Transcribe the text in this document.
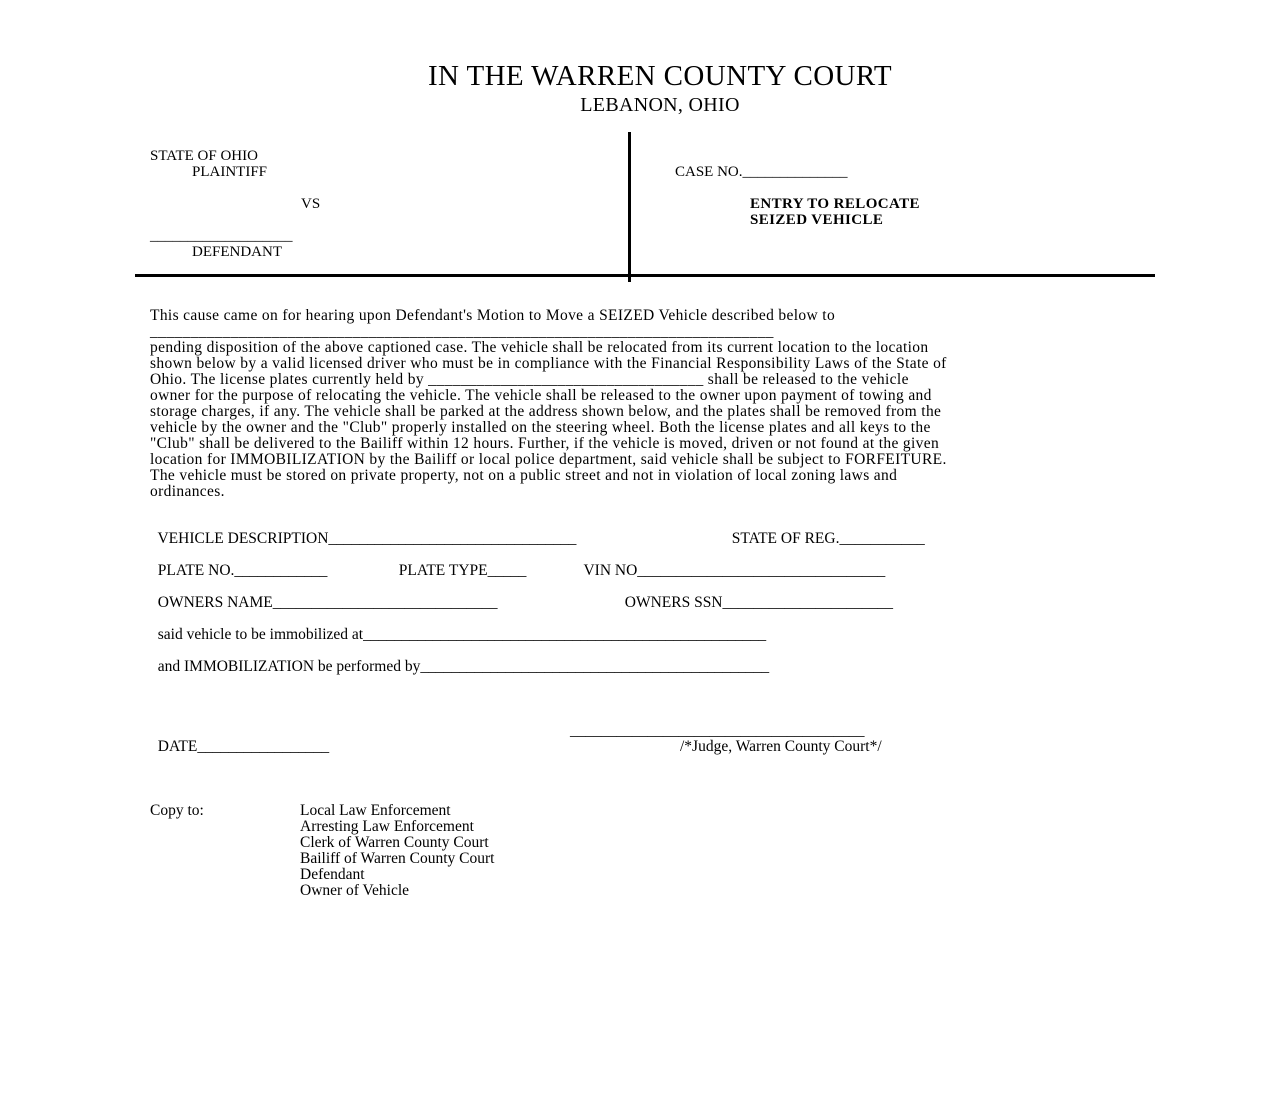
IN THE WARREN COUNTY COURT
LEBANON, OHIO
STATE OF OHIO
PLAINTIFF
VS
___________________
DEFENDANT
CASE NO.______________
ENTRY TO RELOCATE
SEIZED VEHICLE
This cause came on for hearing upon Defendant's Motion to Move a SEIZED Vehicle described below to
_____________________________________________________________________________
pending disposition of the above captioned case. The vehicle shall be relocated from its current location to the location
shown below by a valid licensed driver who must be in compliance with the Financial Responsibility Laws of the State of
Ohio. The license plates currently held by __________________________________ shall be released to the vehicle
owner for the purpose of relocating the vehicle. The vehicle shall be released to the owner upon payment of towing and
storage charges, if any. The vehicle shall be parked at the address shown below, and the plates shall be removed from the
vehicle by the owner and the "Club" properly installed on the steering wheel. Both the license plates and all keys to the
"Club" shall be delivered to the Bailiff within 12 hours. Further, if the vehicle is moved, driven or not found at the given
location for IMMOBILIZATION by the Bailiff or local police department, said vehicle shall be subject to FORFEITURE.
The vehicle must be stored on private property, not on a public street and not in violation of local zoning laws and
ordinances.

VEHICLE DESCRIPTION________________________________	STATE OF REG.___________

PLATE NO.____________	PLATE TYPE_____	VIN NO________________________________

OWNERS NAME_____________________________	OWNERS SSN______________________

said vehicle to be immobilized at____________________________________________________

and IMMOBILIZATION be performed by_____________________________________________

DATE_________________

______________________________________
/*Judge, Warren County Court*/
Copy to:	Local Law Enforcement
Arresting Law Enforcement
Clerk of Warren County Court
Bailiff of Warren County Court
Defendant
Owner of Vehicle
